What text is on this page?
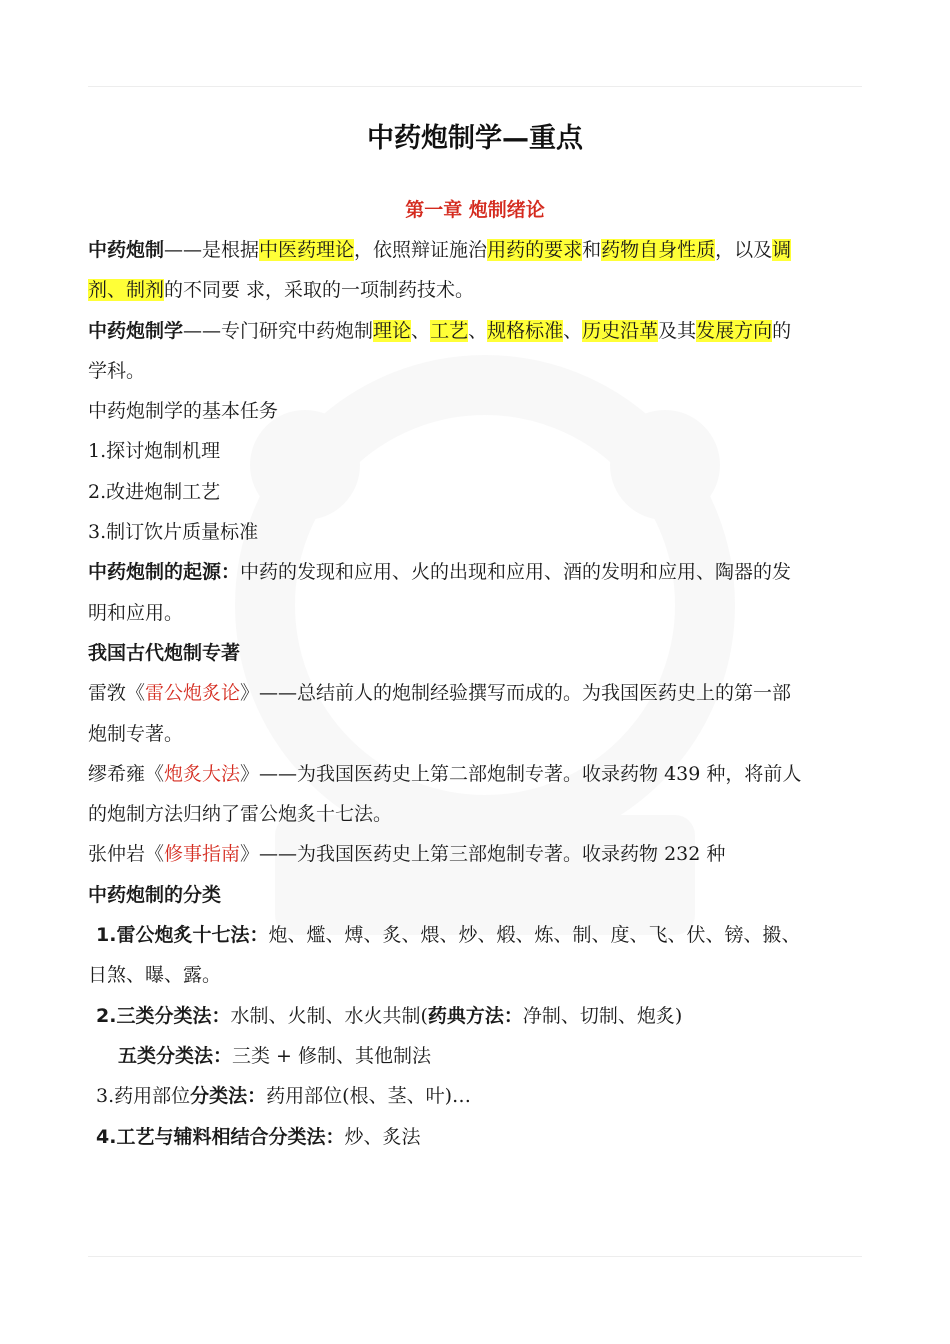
中药炮制学—重点
第一章 炮制绪论

中药炮制——是根据中医药理论，依照辩证施治用药的要求和药物自身性质，以及调

剂、制剂的不同要 求，采取的一项制药技术。

中药炮制学——专门研究中药炮制理论、工艺、规格标准、历史沿革及其发展方向的

学科。

中药炮制学的基本任务

1.探讨炮制机理

2.改进炮制工艺

3.制订饮片质量标准

中药炮制的起源：中药的发现和应用、火的出现和应用、酒的发明和应用、陶器的发

明和应用。

我国古代炮制专著

雷敩《雷公炮炙论》——总结前人的炮制经验撰写而成的。为我国医药史上的第一部

炮制专著。

缪希雍《炮炙大法》——为我国医药史上第二部炮制专著。收录药物 439 种，将前人

的炮制方法归纳了雷公炮炙十七法。

张仲岩《修事指南》——为我国医药史上第三部炮制专著。收录药物 232 种

中药炮制的分类

1.雷公炮炙十七法：炮、爁、煿、炙、煨、炒、煅、炼、制、度、飞、伏、镑、摋、

日煞、曝、露。

2.三类分类法：水制、火制、水火共制(药典方法：净制、切制、炮炙)

五类分类法：三类 + 修制、其他制法

3.药用部位分类法：药用部位(根、茎、叶)…

4.工艺与辅料相结合分类法：炒、炙法
